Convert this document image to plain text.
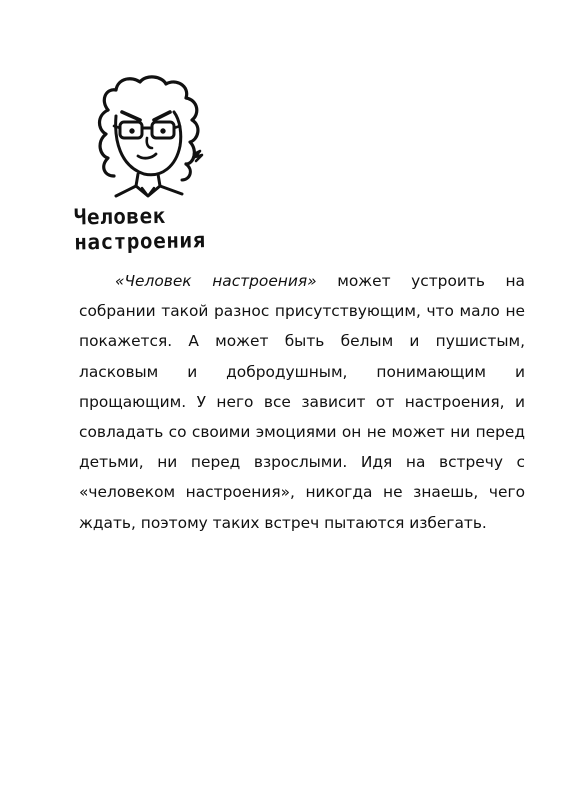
Человек
настроения

«Человек настроения» может устроить на собрании такой разнос присутствующим, что мало не покажется. А может быть белым и пушистым, ласковым и добродушным, понимающим и прощающим. У него все зависит от настроения, и совладать со своими эмоциями он не может ни перед детьми, ни перед взрослыми. Идя на встречу с «человеком настроения», никогда не знаешь, чего ждать, поэтому таких встреч пытаются избегать.
